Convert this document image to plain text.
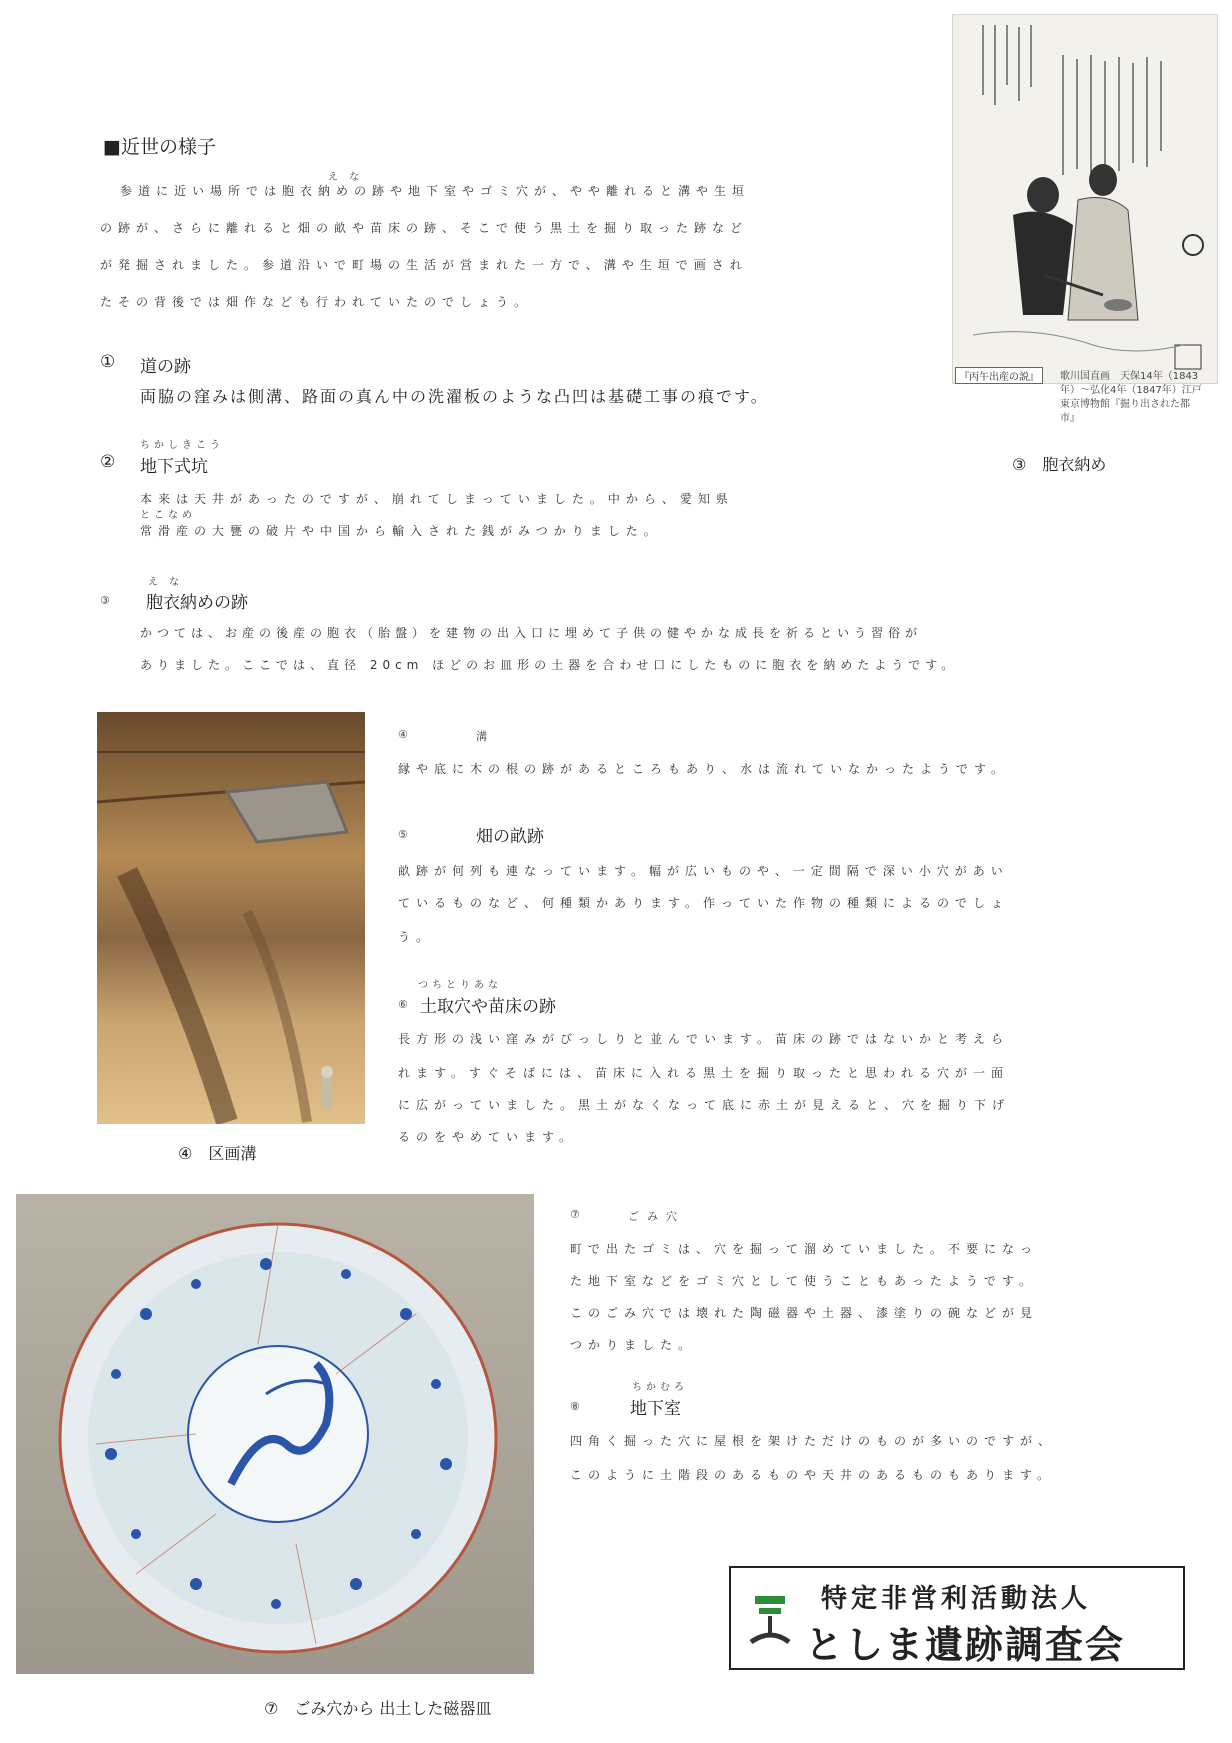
■近世の様子
え な
参道に近い場所では胞衣納めの跡や地下室やゴミ穴が、やや離れると溝や生垣
の跡が、さらに離れると畑の畝や苗床の跡、そこで使う黒土を掘り取った跡など
が発掘されました。参道沿いで町場の生活が営まれた一方で、溝や生垣で画され
たその背後では畑作なども行われていたのでしょう。
『丙午出産の説』	歌川国直画　天保14年（1843
年）～弘化4年（1847年）江戸
東京博物館『掘り出された都
市』
③　胞衣納め
① 道の跡
両脇の窪みは側溝、路面の真ん中の洗濯板のような凸凹は基礎工事の痕です。
ちかしきこう
② 地下式坑
本来は天井があったのですが、崩れてしまっていました。中から、愛知県
とこなめ
常滑産の大甕の破片や中国から輸入された銭がみつかりました。
え な
③ 胞衣納めの跡
かつては、お産の後産の胞衣（胎盤）を建物の出入口に埋めて子供の健やかな成長を祈るという習俗が
ありました。ここでは、直径 20cm ほどのお皿形の土器を合わせ口にしたものに胞衣を納めたようです。
④　区画溝
④	溝
縁や底に木の根の跡があるところもあり、水は流れていなかったようです。
⑤	畑の畝跡
畝跡が何列も連なっています。幅が広いものや、一定間隔で深い小穴があい
ているものなど、何種類かあります。作っていた作物の種類によるのでしょ
う。
つちとりあな
⑥ 土取穴や苗床の跡
長方形の浅い窪みがびっしりと並んでいます。苗床の跡ではないかと考えら
れます。すぐそばには、苗床に入れる黒土を掘り取ったと思われる穴が一面
に広がっていました。黒土がなくなって底に赤土が見えると、穴を掘り下げ
るのをやめています。
⑦　ごみ穴から 出土した磁器皿
⑦	ごみ穴
町で出たゴミは、穴を掘って溜めていました。不要になっ
た地下室などをゴミ穴として使うこともあったようです。
このごみ穴では壊れた陶磁器や土器、漆塗りの碗などが見
つかりました。
ちかむろ
⑧ 地下室
四角く掘った穴に屋根を架けただけのものが多いのですが、
このように土階段のあるものや天井のあるものもあります。
特定非営利活動法人
としま遺跡調査会
